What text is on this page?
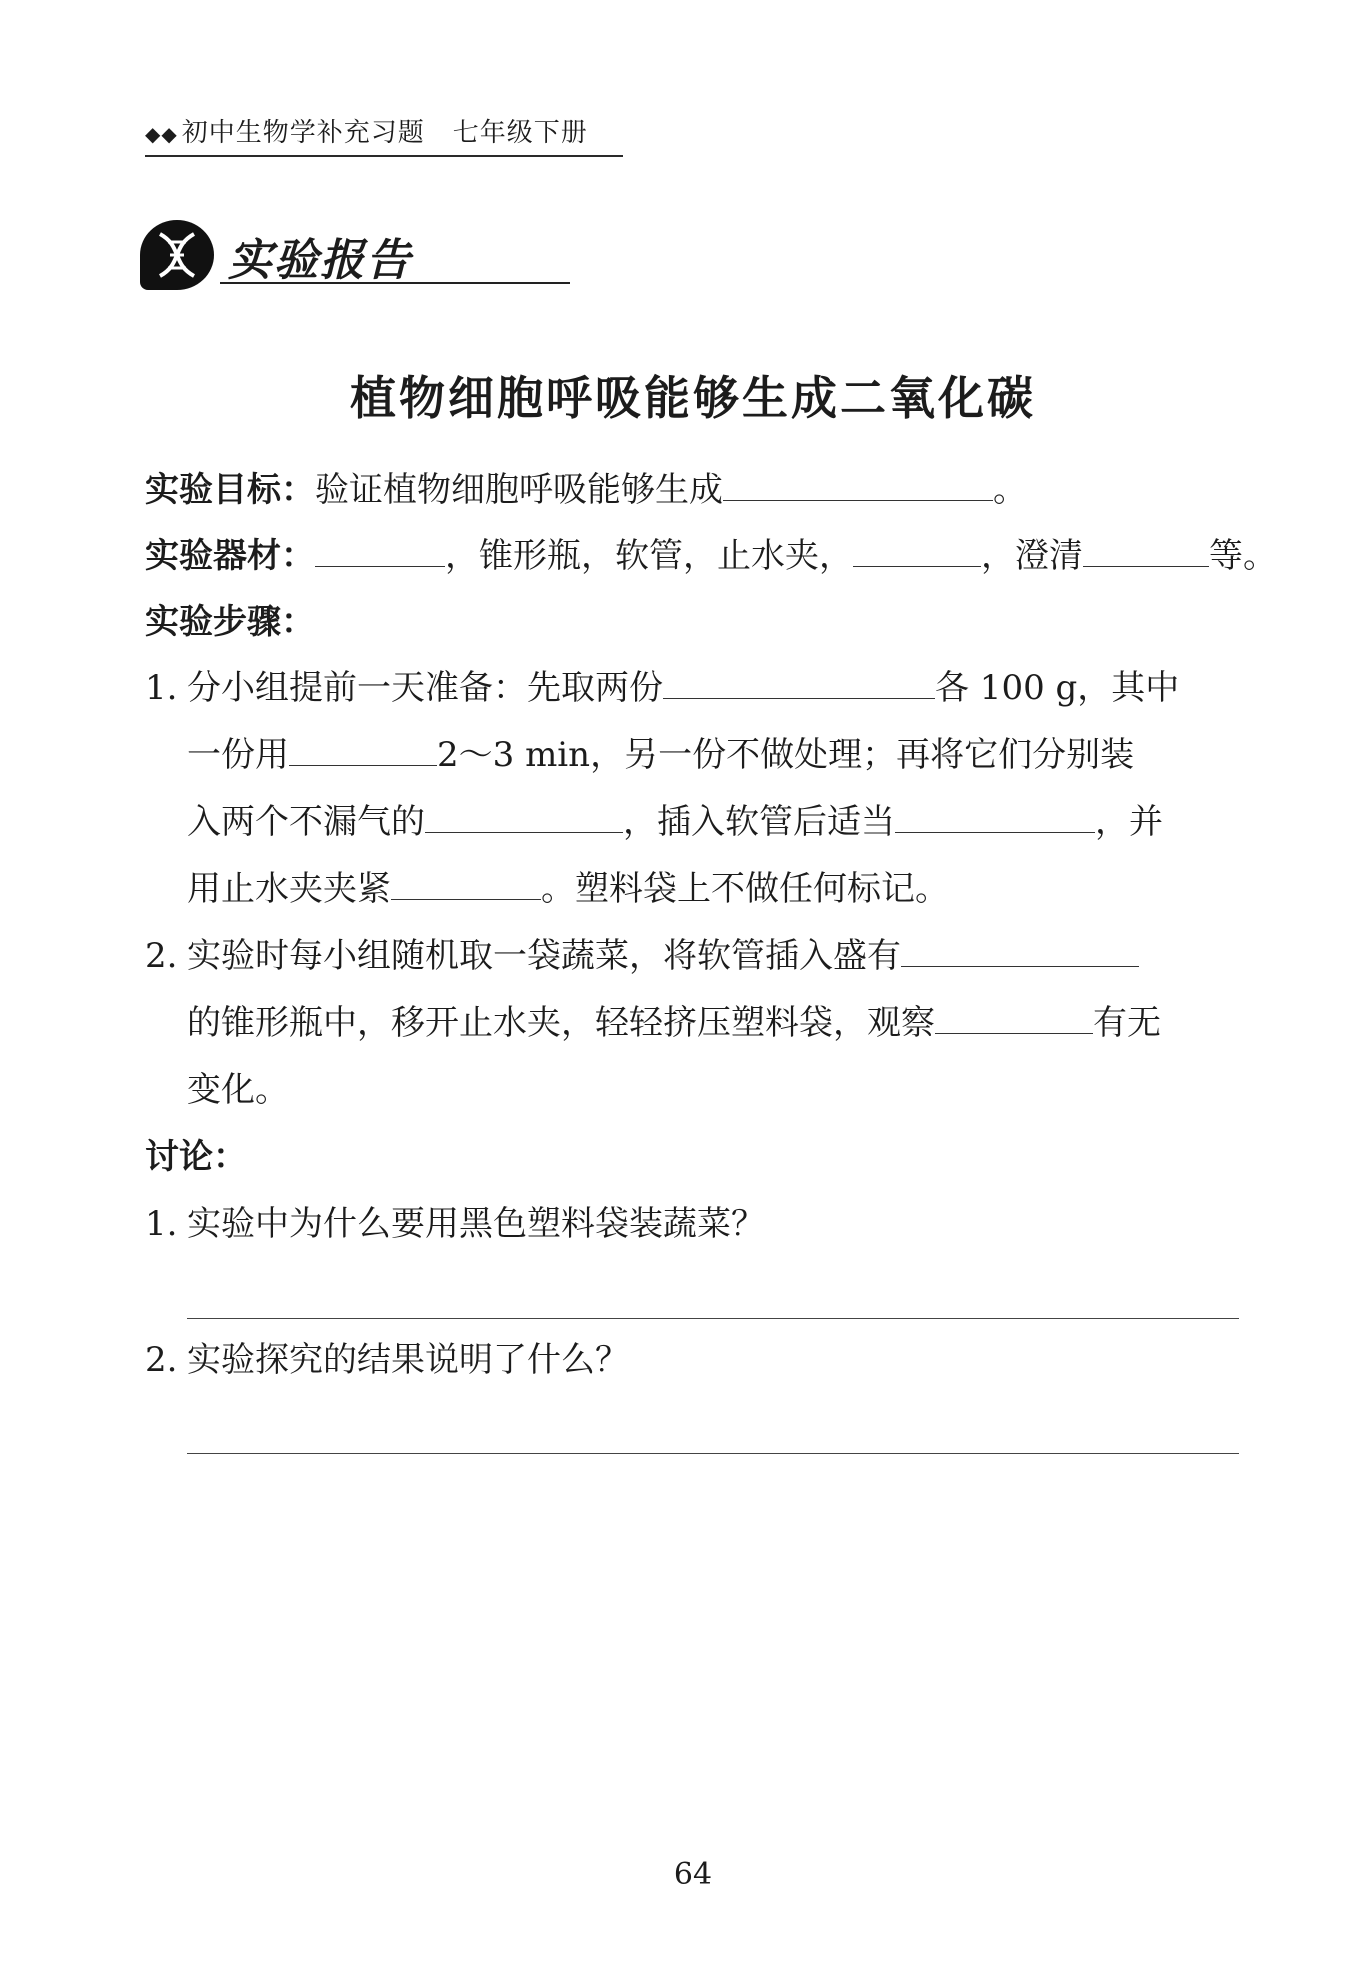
◆◆ 初中生物学补充习题 七年级下册
实验报告
植物细胞呼吸能够生成二氧化碳
实验目标：验证植物细胞呼吸能够生成	。
实验器材：	，锥形瓶，软管，止水夹，	，澄清	等。
实验步骤：
1. 分小组提前一天准备：先取两份	各 100 g，其中
一份用	2～3 min，另一份不做处理；再将它们分别装
入两个不漏气的	，插入软管后适当	，并
用止水夹夹紧	。塑料袋上不做任何标记。
2. 实验时每小组随机取一袋蔬菜，将软管插入盛有
的锥形瓶中，移开止水夹，轻轻挤压塑料袋，观察	有无
变化。
讨论：
1. 实验中为什么要用黑色塑料袋装蔬菜？
2. 实验探究的结果说明了什么？
64
